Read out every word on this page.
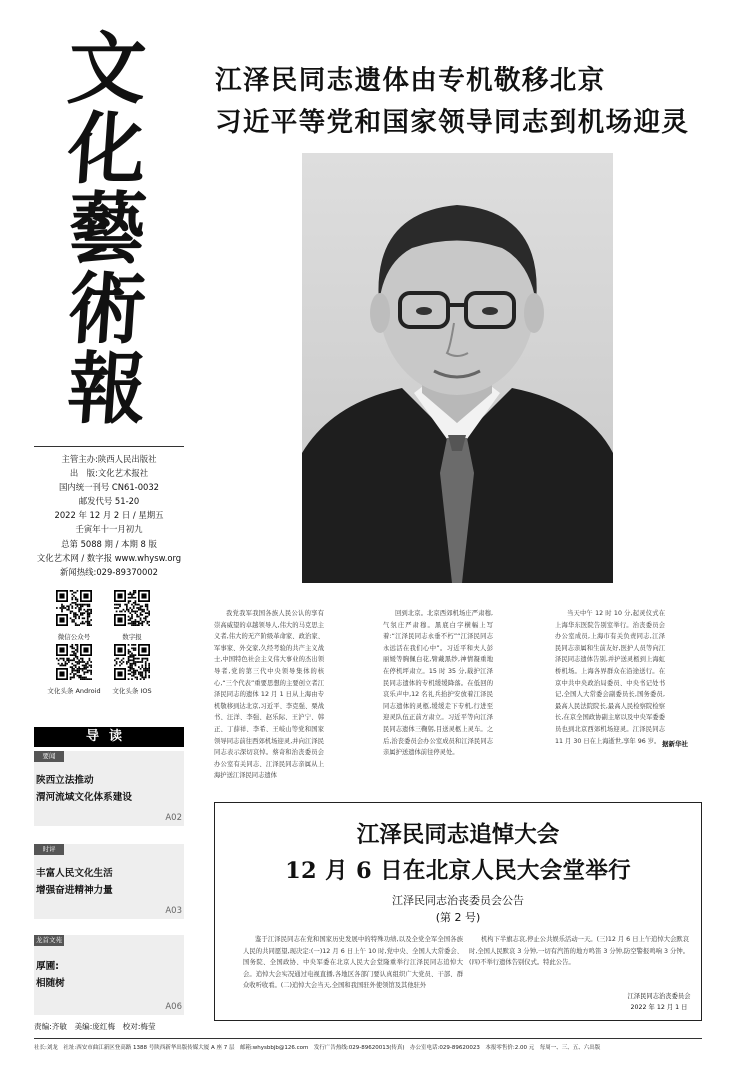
文
化
藝
術
報
主管主办:陕西人民出版社
出　版:文化艺术报社
国内统一刊号 CN61-0032
邮发代号 51-20
2022 年 12 月 2 日 / 星期五
壬寅年十一月初九
总第 5088 期 / 本期 8 版
文化艺术网 / 数字报 www.whysw.org
新闻热线:029-89370002
微信公众号	数字报
文化头条 Android	文化头条 IOS
导读
要闻
陕西立法推动
渭河流域文化体系建设
A02
时评
丰富人民文化生活
增强奋进精神力量
A03
龙首文苑
厚圃:
相随树
A06
责编:齐敏　美编:庞红梅　校对:梅莹
江泽民同志遗体由专机敬移北京
习近平等党和国家领导同志到机场迎灵

我党我军我国各族人民公认的享有崇高威望的卓越领导人,伟大的马克思主义者,伟大的无产阶级革命家、政治家、军事家、外交家,久经考验的共产主义战士,中国特色社会主义伟大事业的杰出领导者,党的第三代中央领导集体的核心,“三个代表”重要思想的主要创立者江泽民同志的遗体 12 月 1 日从上海由专机敬移到达北京,习近平、李克强、栗战书、汪洋、李强、赵乐际、王沪宁、韩正、丁薛祥、李希、王岐山等党和国家领导同志前往西郊机场迎灵,并向江泽民同志表示深切哀悼。蔡奇和治丧委员会办公室有关同志、江泽民同志亲属从上海护送江泽民同志遗体

回到北京。北京西郊机场庄严肃穆,气氛庄严肃穆。黑底白字横幅上写着:“江泽民同志永垂不朽”“江泽民同志永远活在我们心中”。习近平和夫人彭丽媛等胸佩白花,臂戴黑纱,神情凝重地在停机坪肃立。15 时 35 分,载护江泽民同志遗体的专机缓缓降落。在低回的哀乐声中,12 名礼兵抬护安放着江泽民同志遗体的灵柩,缓缓走下专机,行进至迎灵队伍正前方肃立。习近平等向江泽民同志遗体三鞠躬,目送灵柩上灵车。之后,治丧委员会办公室成员和江泽民同志亲属护送遗体前往停灵处。

当天中午 12 时 10 分,起灵仪式在上海华东医院告别室举行。治丧委员会办公室成员,上海市有关负责同志,江泽民同志亲属和生前友好,医护人员等向江泽民同志遗体告别,并护送灵柩到上海虹桥机场。上海各界群众在沿途送行。在京中共中央政治局委员、中央书记处书记,全国人大常委会副委员长,国务委员,最高人民法院院长,最高人民检察院检察长,在京全国政协副主席以及中央军委委员也到北京西郊机场迎灵。江泽民同志 11 月 30 日在上海逝世,享年 96 岁。 据新华社
江泽民同志追悼大会
12 月 6 日在北京人民大会堂举行
江泽民同志治丧委员会公告
(第 2 号)

鉴于江泽民同志在党和国家历史发展中的特殊功绩,以及全党全军全国各族人民的共同愿望,现决定:(一)12 月 6 日上午 10 时,党中央、全国人大常委会、国务院、全国政协、中央军委在北京人民大会堂隆重举行江泽民同志追悼大会。追悼大会实况通过电视直播,各地区各部门要认真组织广大党员、干部、群众收听收看。(二)追悼大会当天,全国和我国驻外使领馆及其他驻外

机构下半旗志哀,停止公共娱乐活动一天。(三)12 月 6 日上午追悼大会默哀时,全国人民默哀 3 分钟,一切有汽笛的地方鸣笛 3 分钟,防空警报鸣响 3 分钟。(四)不举行遗体告别仪式。特此公告。

江泽民同志治丧委员会
2022 年 12 月 1 日
社长:刘龙　社址:西安市曲江新区登高路 1388 号陕西新华出版传媒大厦 A 座 7 层　邮箱:whysbbjb@126.com　发行广告热线:029-89620013(传真)　办公室电话:029-89620023　本报零售价:2.00 元　每周一、三、五、六出版
